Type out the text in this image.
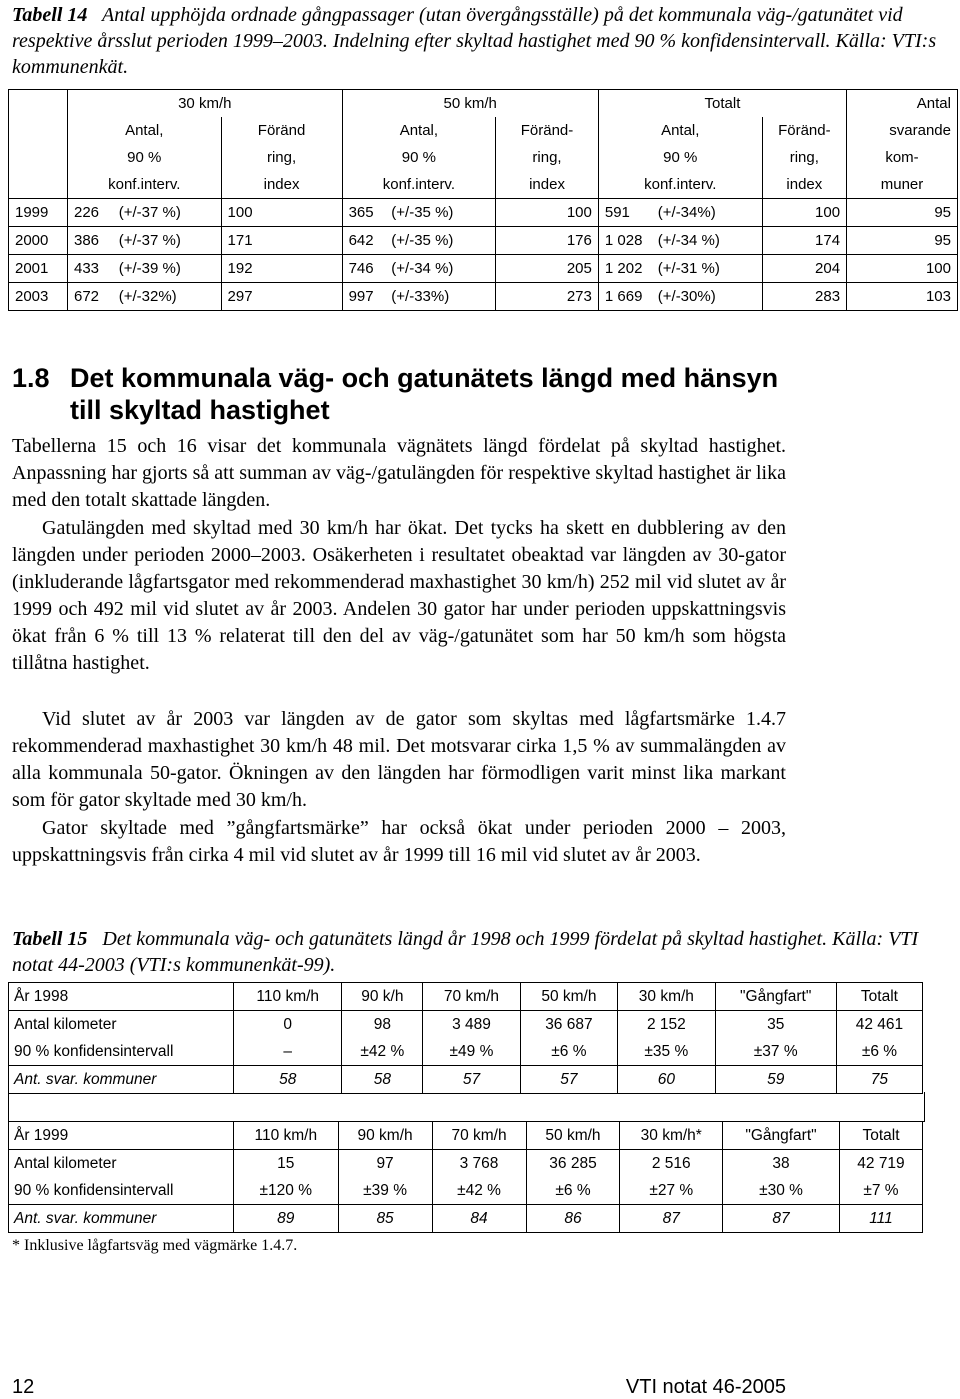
Tabell 14 Antal upphöjda ordnade gångpassager (utan övergångsställe) på det kommunala väg-/gatunätet vid respektive årsslut perioden 1999–2003. Indelning efter skyltad hastighet med 90 % konfidensintervall. Källa: VTI:s kommunenkät.
	30 km/h			50 km/h			Totalt			Antal
	Antal,		Föränd	Antal,		Föränd-	Antal,		Föränd-	svarande
	90 %		ring,	90 %		ring,	90 %		ring,	kom-
	konf.interv.		index	konf.interv.		index	konf.interv.		index	muner
1999	226	(+/-37 %)	100	365	(+/-35 %)	100	591	(+/-34%)	100	95
2000	386	(+/-37 %)	171	642	(+/-35 %)	176	1 028	(+/-34 %)	174	95
2001	433	(+/-39 %)	192	746	(+/-34 %)	205	1 202	(+/-31 %)	204	100
2003	672	(+/-32%)	297	997	(+/-33%)	273	1 669	(+/-30%)	283	103
1.8 Det kommunala väg- och gatunätets längd med hänsyn
till skyltad hastighet

Tabellerna 15 och 16 visar det kommunala vägnätets längd fördelat på skyltad hastighet. Anpassning har gjorts så att summan av väg-/gatulängden för respektive skyltad hastighet är lika med den totalt skattade längden.

Gatulängden med skyltad med 30 km/h har ökat. Det tycks ha skett en dubblering av den längden under perioden 2000–2003. Osäkerheten i resultatet obeaktad var längden av 30-gator (inkluderande lågfartsgator med rekommenderad maxhastighet 30 km/h) 252 mil vid slutet av år 1999 och 492 mil vid slutet av år 2003. Andelen 30 gator har under perioden uppskattningsvis ökat från 6 % till 13 % relaterat till den del av väg-/gatunätet som har 50 km/h som högsta tillåtna hastighet.

Vid slutet av år 2003 var längden av de gator som skyltas med lågfartsmärke 1.4.7 rekommenderad maxhastighet 30 km/h 48 mil. Det motsvarar cirka 1,5 % av summalängden av alla kommunala 50-gator. Ökningen av den längden har förmodligen varit minst lika markant som för gator skyltade med 30 km/h.

Gator skyltade med ”gångfartsmärke” har också ökat under perioden 2000 – 2003, uppskattningsvis från cirka 4 mil vid slutet av år 1999 till 16 mil vid slutet av år 2003.

Tabell 15 Det kommunala väg- och gatunätets längd år 1998 och 1999 fördelat på skyltad hastighet. Källa: VTI notat 44-2003 (VTI:s kommunenkät-99).
År 1998	110 km/h	90 k/h	70 km/h	50 km/h	30 km/h	"Gångfart"	Totalt
Antal kilometer	0	98	3 489	36 687	2 152	35	42 461
90 % konfidensintervall	–	±42 %	±49 %	±6 %	±35 %	±37 %	±6 %
Ant. svar. kommuner	58	58	57	57	60	59	75
År 1999	110 km/h	90 km/h	70 km/h	50 km/h	30 km/h*	"Gångfart"	Totalt
Antal kilometer	15	97	3 768	36 285	2 516	38	42 719
90 % konfidensintervall	±120 %	±39 %	±42 %	±6 %	±27 %	±30 %	±7 %
Ant. svar. kommuner	89	85	84	86	87	87	111
* Inklusive lågfartsväg med vägmärke 1.4.7.
12	VTI notat 46-2005
